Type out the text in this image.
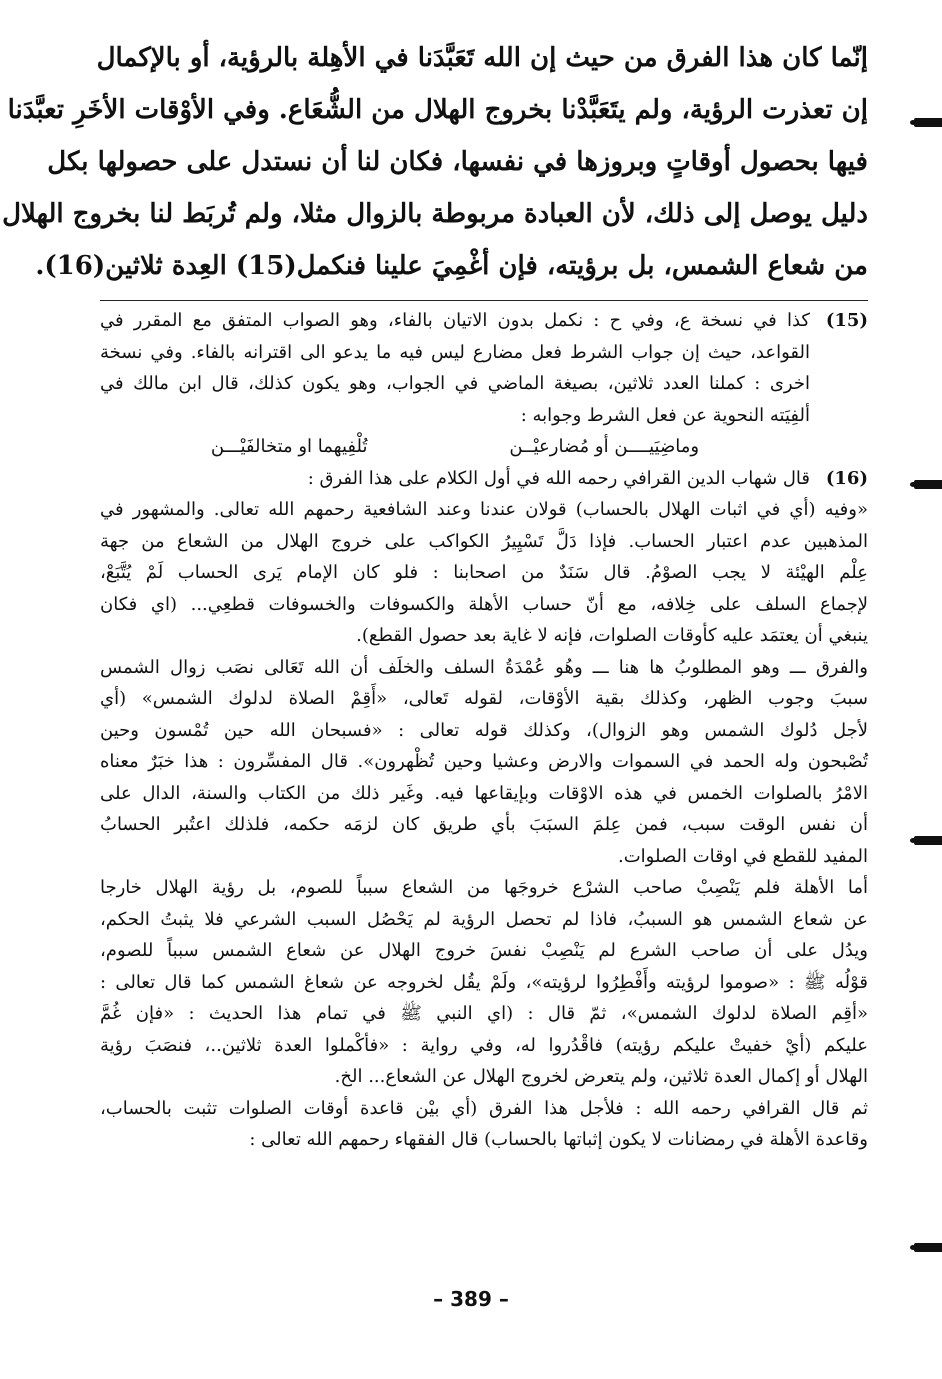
إنّما كان هذا الفرق من حيث إن الله تَعَبَّدَنا في الأهِلة بالرؤية، أو بالإكمال
إن تعذرت الرؤية، ولم يتَعَبَّدْنا بخروج الهلال من الشُّعَاع. وفي الأوْقات الأخَرِ تعبَّدَنا
فيها بحصول أوقاتٍ وبروزها في نفسها، فكان لنا أن نستدل على حصولها بكل
دليل يوصل إلى ذلك، لأن العبادة مربوطة بالزوال مثلا، ولم تُربَط لنا بخروج الهلال
من شعاع الشمس، بل برؤيته، فإن أغْمِيَ علينا فنكمل(15) العِدة ثلاثين(16).
(15)
كذا في نسخة ع، وفي ح : نكمل بدون الاتيان بالفاء، وهو الصواب المتفق مع المقرر في
القواعد، حيث إن جواب الشرط فعل مضارع ليس فيه ما يدعو الى اقترانه بالفاء. وفي نسخة
اخرى : كملنا العدد ثلاثين، بصيغة الماضي في الجواب، وهو يكون كذلك، قال ابن مالك في
ألفِيَته النحوية عن فعل الشرط وجوابه :
وماضِيَيــــن أو مُضارعيْــن
تُلْفِيهما او متخالفَيْـــن
(16)
قال شهاب الدين القرافي رحمه الله في أول الكلام على هذا الفرق :
«وفيه (أي في اثبات الهلال بالحساب) قولان عندنا وعند الشافعية رحمهم الله تعالى. والمشهور في
المذهبين عدم اعتبار الحساب. فإذا دَلَّ تَسْيِيرُ الكواكب على خروج الهلال من الشعاع من جهة
عِلْم الهيْئة لا يجب الصوْمُ. قال سَنَدٌ من اصحابنا : فلو كان الإمام يَرى الحساب لَمْ يُتَّبَعْ،
لإجماع السلف على خِلافه، مع أنّ حساب الأهلة والكسوفات والخسوفات قطعِي... (اي فكان
ينبغي أن يعتمَد عليه كأوقات الصلوات، فإنه لا غاية بعد حصول القطع).
والفرق ـــ وهو المطلوبُ ها هنا ـــ وهُو عُمْدَةُ السلف والخلَف أن الله تَعَالى نصَب زوال الشمس
سببَ وجوب الظهر، وكذلك بقية الأوْقات، لقوله تَعالى، «أَقِمْ الصلاة لدلوك الشمس» (أي
لأجل دُلوك الشمس وهو الزوال)، وكذلك قوله تعالى : «فسبحان الله حين تُمْسون وحين
تُصْبحون وله الحمد في السموات والارض وعشيا وحين تُظْهرون». قال المفسِّرون : هذا خبَرٌ معناه
الامْرُ بالصلوات الخمس في هذه الاوْقات وبإيقاعها فيه. وغَير ذلك من الكتاب والسنة، الدال على
أن نفس الوقت سبب، فمن عِلمَ السبَبَ بأي طريق كان لزمَه حكمه، فلذلك اعتُبر الحسابُ
المفيد للقطع في اوقات الصلوات.
أما الأهلة فلم يَنْصِبْ صاحب الشرْع خروجَها من الشعاع سبباً للصوم، بل رؤية الهلال خارجا
عن شعاع الشمس هو السببُ، فاذا لم تحصل الرؤية لم يَحْصُل السبب الشرعي فلا يثبتُ الحكم،
ويدُل على أن صاحب الشرع لم يَنْصِبْ نفسَ خروج الهلال عن شعاع الشمس سبباً للصوم،
قوْلُه ﷺ : «صوموا لرؤيته وأَفْطِرُوا لرؤيته»، ولَمْ يقُل لخروجه عن شعاغ الشمس كما قال تعالى :
«أقِم الصلاة لدلوك الشمس»، ثمّ قال : (اي النبي ﷺ في تمام هذا الحديث : «فإن غُمَّ
عليكم (أيْ خفيتْ عليكم رؤيته) فاقْدُروا له، وفي رواية : «فأكْملوا العدة ثلاثين..، فنصَبَ رؤية
الهلال أو إكمال العدة ثلاثين، ولم يتعرض لخروج الهلال عن الشعاع... الخ.
ثم قال القرافي رحمه الله : فلأجل هذا الفرق (أي بيْن قاعدة أوقات الصلوات تثبت بالحساب،
وقاعدة الأهلة في رمضانات لا يكون إثباتها بالحساب) قال الفقهاء رحمهم الله تعالى :
– 389 –
